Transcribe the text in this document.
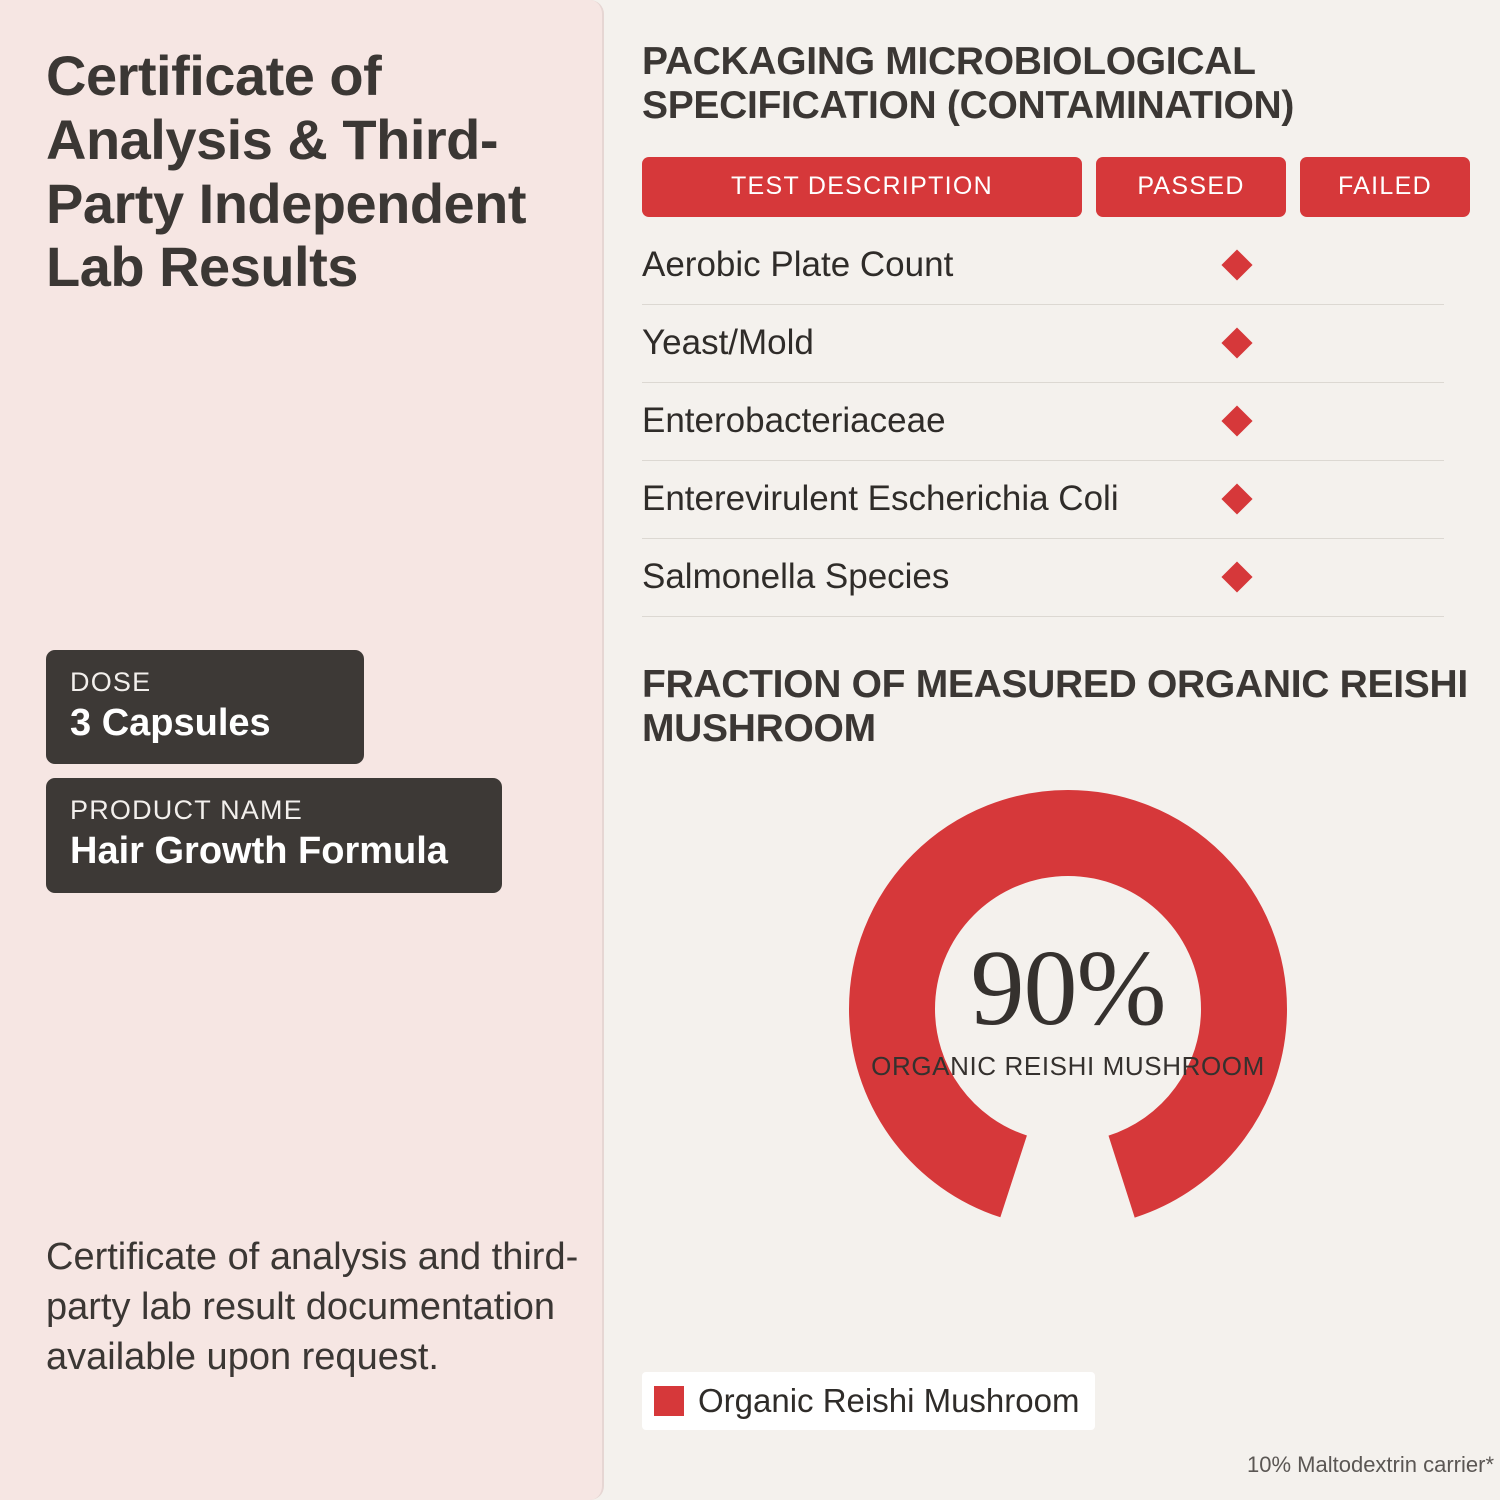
Certificate of Analysis & Third-Party Independent Lab Results
DOSE
3 Capsules

PRODUCT NAME
Hair Growth Formula
Certificate of analysis and third-party lab result documentation available upon request.
PACKAGING MICROBIOLOGICAL SPECIFICATION (CONTAMINATION)
TEST DESCRIPTION	PASSED	FAILED
Aerobic Plate Count
Yeast/Mold
Enterobacteriaceae
Enterevirulent Escherichia Coli
Salmonella Species
FRACTION OF MEASURED ORGANIC REISHI MUSHROOM
90%
ORGANIC REISHI MUSHROOM
Organic Reishi Mushroom
10% Maltodextrin carrier*
